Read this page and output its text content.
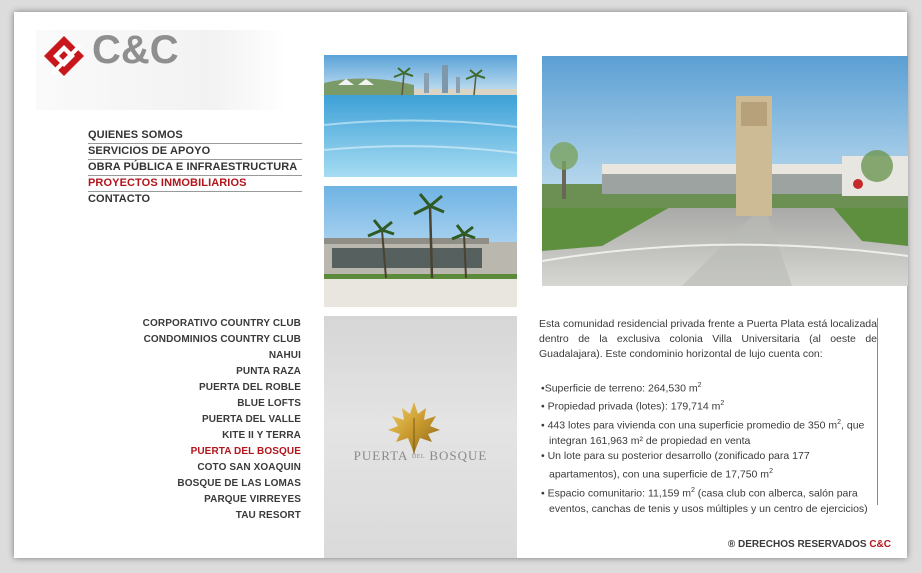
C&C
QUIENES SOMOS
SERVICIOS DE APOYO
OBRA PÚBLICA E INFRAESTRUCTURA
PROYECTOS INMOBILIARIOS
CONTACTO
CORPORATIVO COUNTRY CLUB
CONDOMINIOS COUNTRY CLUB
NAHUI
PUNTA RAZA
PUERTA DEL ROBLE
BLUE LOFTS
PUERTA DEL VALLE
KITE II Y TERRA
PUERTA DEL BOSQUE
COTO SAN XOAQUIN
BOSQUE DE LAS LOMAS
PARQUE VIRREYES
TAU RESORT
PUERTA DEL BOSQUE

Esta comunidad residencial privada frente a Puerta Plata está localizada dentro de la exclusiva colonia Villa Universitaria (al oeste de Guadalajara). Este condominio horizontal de lujo cuenta con:

•Superficie de terreno: 264,530 $m^2$
• Propiedad privada (lotes): 179,714 $m^2$
• 443 lotes para vivienda con una superficie promedio de 350 $m^2$, que integran 161,963 m² de propiedad en venta
• Un lote para su posterior desarrollo (zonificado para 177 apartamentos), con una superficie de 17,750 $m^2$
• Espacio comunitario: 11,159 $m^2$ (casa club con alberca, salón para eventos, canchas de tenis y usos múltiples y un centro de ejercicios)
® DERECHOS RESERVADOS C&C
